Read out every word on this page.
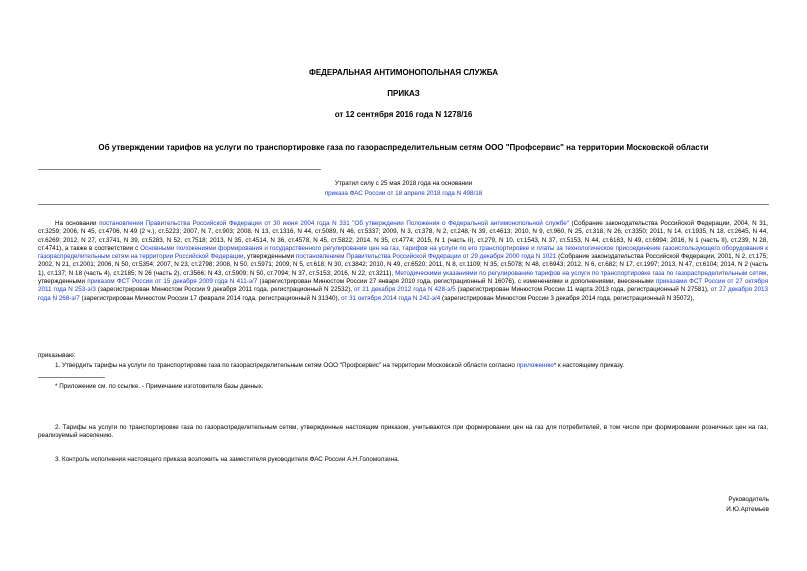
ФЕДЕРАЛЬНАЯ АНТИМОНОПОЛЬНАЯ СЛУЖБА
ПРИКАЗ
от 12 сентября 2016 года N 1278/16
Об утверждении тарифов на услуги по транспортировке газа по газораспределительным сетям ООО "Профсервис" на территории Московской области
Утратил силу с 25 мая 2018 года на основании
приказа ФАС России от 18 апреля 2018 года N 498/18
На основании постановления Правительства Российской Федерации от 30 июня 2004 года N 331 "Об утверждении Положения о Федеральной антимонопольной службе" (Собрание законодательства Российской Федерации, 2004, N 31, ст.3259; 2006, N 45, ст.4706, N 49 (2 ч.), ст.5223; 2007, N 7, ст.903; 2008, N 13, ст.1316, N 44, ст.5089, N 46, ст.5337; 2009, N 3, ст.378, N 2, ст.248, N 39, ст.4613; 2010, N 9, ст.960, N 25, ст.318, N 26, ст.3350; 2011, N 14, ст.1935, N 18, ст.2645, N 44, ст.6269; 2012, N 27, ст.3741, N 39, ст.5283, N 52, ст.7518; 2013, N 35, ст.4514, N 36, ст.4578, N 45, ст.5822; 2014, N 35, ст.4774; 2015, N 1 (часть II), ст.279, N 10, ст.1543, N 37, ст.5153, N 44, ст.6163, N 49, ст.6994; 2016, N 1 (часть II), ст.239, N 28, ст.4741), а также в соответствии с Основными положениями формирования и государственного регулирования цен на газ, тарифов на услуги по его транспортировке и платы за технологическое присоединение газоиспользующего оборудования к газораспределительным сетям на территории Российской Федерации, утвержденными постановлением Правительства Российской Федерации от 29 декабря 2000 года N 1021 (Собрание законодательства Российской Федерации, 2001, N 2, ст.175; 2002, N 21, ст.2001; 2006, N 50, ст.5354; 2007, N 23, ст.2798; 2008, N 50, ст.5971; 2009, N 5, ст.618; N 30, ст.3842; 2010, N 49, ст.6520; 2011, N 8, ст.1109; N 35, ст.5078; N 48, ст.6943; 2012, N 6, ст.682; N 17, ст.1997; 2013, N 47, ст.6104; 2014, N 2 (часть 1), ст.137; N 18 (часть 4), ст.2185; N 26 (часть 2), ст.3566; N 43, ст.5909; N 50, ст.7094; N 37, ст.5153; 2016, N 22, ст.3211), Методическими указаниями по регулированию тарифов на услуги по транспортировке газа по газораспределительным сетям, утвержденными приказом ФСТ России от 15 декабря 2009 года N 411-э/7 (зарегистрирован Минюстом России 27 января 2010 года, регистрационный N 16076), с изменениями и дополнениями, внесенными приказами ФСТ России от 27 октября 2011 года N 253-э/3 (зарегистрирован Минюстом России 9 декабря 2011 года, регистрационный N 22532), от 21 декабря 2012 года N 428-э/5 (зарегистрирован Минюстом России 11 марта 2013 года, регистрационный N 27581), от 27 декабря 2013 года N 268-э/7 (зарегистрирован Минюстом России 17 февраля 2014 года, регистрационный N 31340), от 31 октября 2014 года N 242-э/4 (зарегистрирован Минюстом России 3 декабря 2014 года, регистрационный N 35072),
приказываю:
1. Утвердить тарифы на услуги по транспортировке газа по газораспределительным сетям ООО "Профсервис" на территории Московской области согласно приложению* к настоящему приказу.
* Приложение см. по ссылке. - Примечание изготовителя базы данных.
2. Тарифы на услуги по транспортировке газа по газораспределительным сетям, утвержденные настоящим приказом, учитываются при формировании цен на газ для потребителей, в том числе при формировании розничных цен на газ, реализуемый населению.
3. Контроль исполнения настоящего приказа возложить на заместителя руководителя ФАС России А.Н.Голомолзина.
Руководитель
И.Ю.Артемьев
